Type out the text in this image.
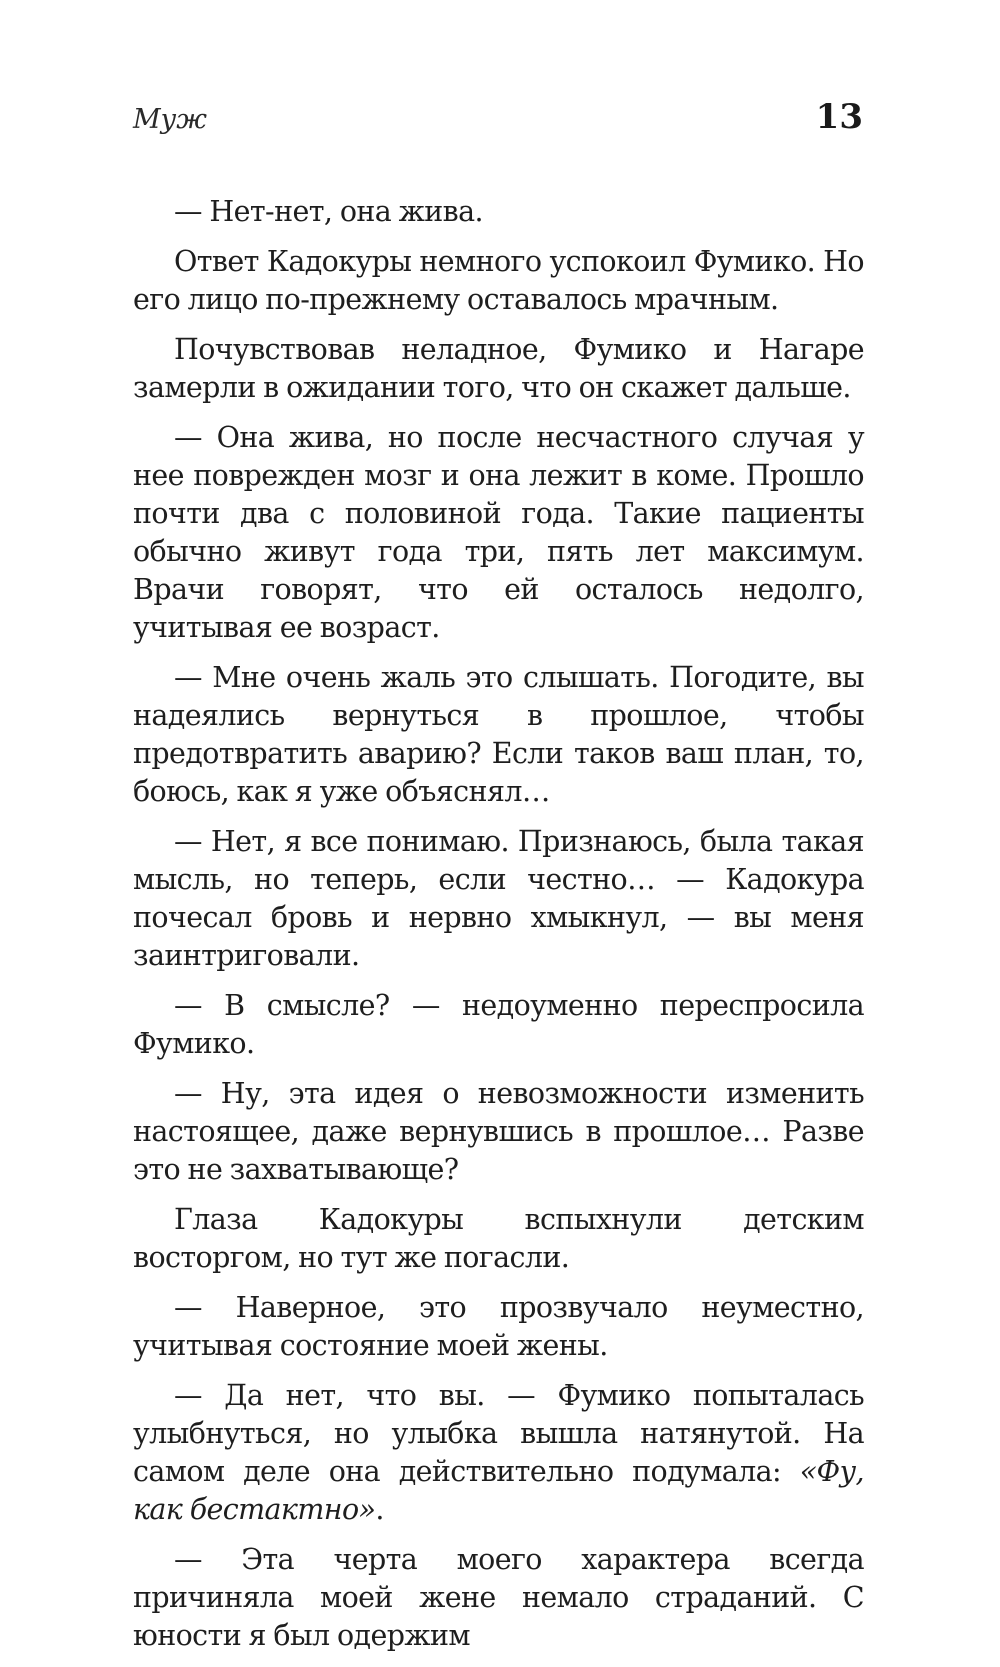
Муж	13

— Нет-нет, она жива.

Ответ Кадокуры немного успокоил Фумико. Но его лицо по-прежнему оставалось мрачным.

Почувствовав неладное, Фумико и Нагаре замерли в ожидании того, что он скажет дальше.

— Она жива, но после несчастного случая у нее поврежден мозг и она лежит в коме. Прошло почти два с половиной года. Такие пациенты обычно живут года три, пять лет максимум. Врачи говорят, что ей осталось недолго, учитывая ее возраст.

— Мне очень жаль это слышать. Погодите, вы надеялись вернуться в прошлое, чтобы предотвратить аварию? Если таков ваш план, то, боюсь, как я уже объяснял…

— Нет, я все понимаю. Признаюсь, была такая мысль, но теперь, если честно… — Кадокура почесал бровь и нервно хмыкнул, — вы меня заинтриговали.

— В смысле? — недоуменно переспросила Фумико.

— Ну, эта идея о невозможности изменить настоящее, даже вернувшись в прошлое… Разве это не захватывающе?

Глаза Кадокуры вспыхнули детским восторгом, но тут же погасли.

— Наверное, это прозвучало неуместно, учитывая состояние моей жены.

— Да нет, что вы. — Фумико попыталась улыбнуться, но улыбка вышла натянутой. На самом деле она действительно подумала: «Фу, как бестактно».

— Эта черта моего характера всегда причиняла моей жене немало страданий. С юности я был одержим
